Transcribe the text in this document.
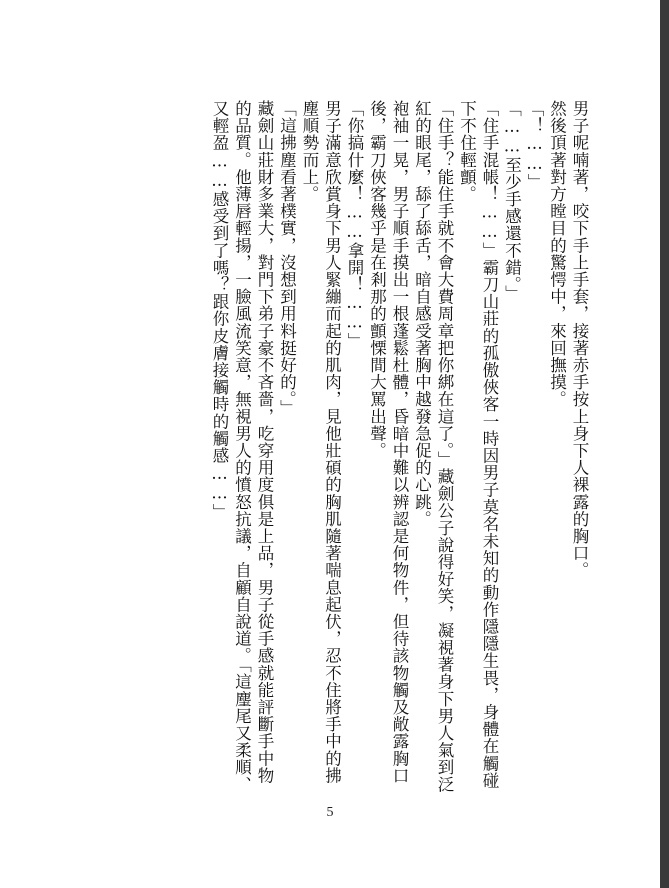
男子呢喃著，咬下手上手套，接著赤手按上身下人裸露的胸口。

然後頂著對方瞠目的驚愕中，來回撫摸。

「！……」

「……至少手感還不錯。」

「住手混帳！……」霸刀山莊的孤傲俠客一時因男子莫名未知的動作隱隱生畏，身體在觸碰下不住輕顫。

「住手？能住手就不會大費周章把你綁在這了。」藏劍公子說得好笑，凝視著身下男人氣到泛紅的眼尾，舔了舔舌，暗自感受著胸中越發急促的心跳。

袍袖一晃，男子順手摸出一根蓬鬆杜體，昏暗中難以辨認是何物件，但待該物觸及敞露胸口後，霸刀俠客幾乎是在剎那的顫慄間大罵出聲。

「你搞什麼！……拿開！……」

男子滿意欣賞身下男人緊繃而起的肌肉，見他壯碩的胸肌隨著喘息起伏，忍不住將手中的拂塵順勢而上。

「這拂塵看著樸實，沒想到用料挺好的。」

藏劍山莊財多業大，對門下弟子豪不吝嗇，吃穿用度俱是上品，男子從手感就能評斷手中物的品質。他薄唇輕揚，一臉風流笑意，無視男人的憤怒抗議，自顧自說道。「這麈尾又柔順、又輕盈……感受到了嗎？跟你皮膚接觸時的觸感……」

5
